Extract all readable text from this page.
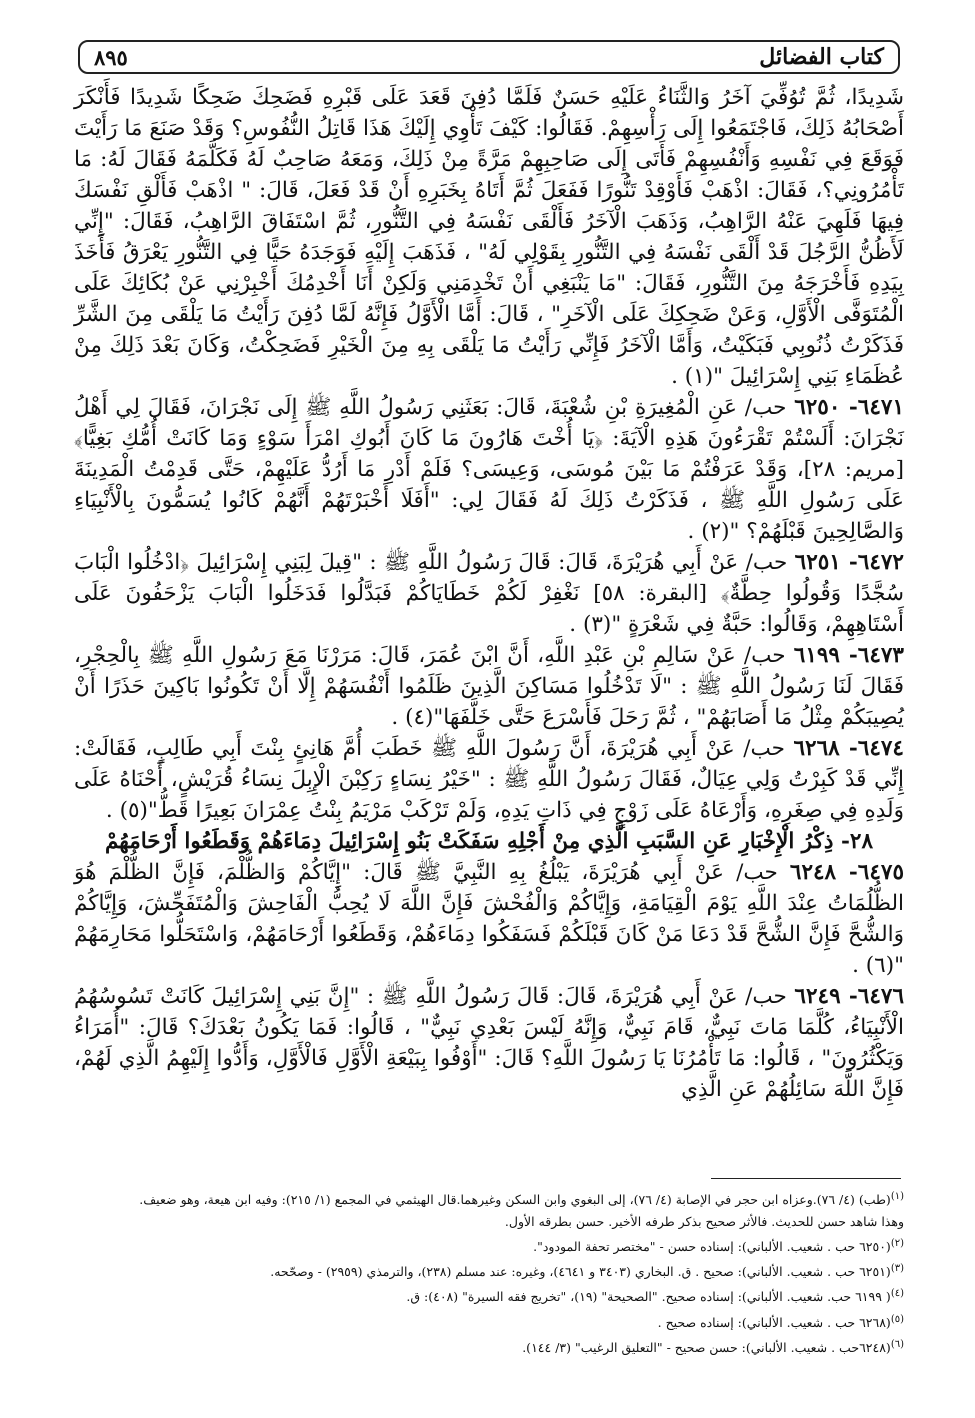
كتاب الفضائل
٨٩٥

شَدِيدًا، ثُمَّ تُوُفِّيَ آخَرُ وَالثَّنَاءُ عَلَيْهِ حَسَنٌ فَلَمَّا دُفِنَ قَعَدَ عَلَى قَبْرِهِ فَضَحِكَ ضَحِكًا شَدِيدًا فَأَنْكَرَ أَصْحَابُهُ ذَلِكَ، فَاجْتَمَعُوا إِلَى رَأْسِهِمْ. فَقَالُوا: كَيْفَ تَأْوِي إِلَيْكَ هَذَا قَاتِلُ النُّفُوسِ؟ وَقَدْ صَنَعَ مَا رَأَيْتَ فَوَقَعَ فِي نَفْسِهِ وَأَنْفُسِهِمْ فَأَتَى إِلَى صَاحِبِهِمْ مَرَّةً مِنْ ذَلِكَ، وَمَعَهُ صَاحِبٌ لَهُ فَكَلَّمَهُ فَقَالَ لَهُ: مَا تَأْمُرُونِي؟، فَقَالَ: اذْهَبْ فَأَوْقِدْ تَنُّورًا فَفَعَلَ ثُمَّ أَتَاهُ بِخَبَرِهِ أَنْ قَدْ فَعَلَ، قَالَ: " اذْهَبْ فَأَلْقِ نَفْسَكَ فِيهَا فَلَهِيَ عَنْهُ الرَّاهِبُ، وَذَهَبَ الْآخَرُ فَأَلْقَى نَفْسَهُ فِي التَّنُّورِ، ثُمَّ اسْتَفَاقَ الرَّاهِبُ، فَقَالَ: "إِنِّي لَأَظُنُّ الرَّجُلَ قَدْ أَلْقَى نَفْسَهُ فِي التَّنُّورِ بِقَوْلِي لَهُ" ، فَذَهَبَ إِلَيْهِ فَوَجَدَهُ حَيًّا فِي التَّنُّورِ يَعْرَقُ فَأَخَذَ بِيَدِهِ فَأَخْرَجَهُ مِنَ التَّنُّورِ، فَقَالَ: "مَا يَنْبَغِي أَنْ تَخْدِمَنِي وَلَكِنْ أَنَا أَخْدِمُكَ أَخْبِرْنِي عَنْ بُكَائِكَ عَلَى الْمُتَوَفَّى الْأَوَّلِ، وَعَنْ ضَحِكِكَ عَلَى الْآخَرِ" ، قَالَ: أَمَّا الْأَوَّلُ فَإِنَّهُ لَمَّا دُفِنَ رَأَيْتُ مَا يَلْقَى مِنَ الشَّرِّ فَذَكَرْتُ ذُنُوبِي فَبَكَيْتُ، وَأَمَّا الْآخَرُ فَإِنِّي رَأَيْتُ مَا يَلْقَى بِهِ مِنَ الْخَيْرِ فَضَحِكْتُ، وَكَانَ بَعْدَ ذَلِكَ مِنْ عُظَمَاءِ بَنِي إِسْرَائِيلَ "(١) .

٦٤٧١- ٦٢٥٠ حب/ عَنِ الْمُغِيرَةِ بْنِ شُعْبَةَ، قَالَ: بَعَثَنِي رَسُولُ اللَّهِ ﷺ إِلَى نَجْرَانَ، فَقَالَ لِي أَهْلُ نَجْرَانَ: أَلَسْتُمْ تَقْرَءُونَ هَذِهِ الْآيَةَ: ﴿يَا أُخْتَ هَارُونَ مَا كَانَ أَبُوكِ امْرَأَ سَوْءٍ وَمَا كَانَتْ أُمُّكِ بَغِيًّا﴾ [مريم: ٢٨]، وَقَدْ عَرَفْتُمْ مَا بَيْنَ مُوسَى، وَعِيسَى؟ فَلَمْ أَدْرِ مَا أَرُدُّ عَلَيْهِمْ، حَتَّى قَدِمْتُ الْمَدِينَةَ عَلَى رَسُولِ اللَّهِ ﷺ ، فَذَكَرْتُ ذَلِكَ لَهُ فَقَالَ لِي: "أَفَلَا أَخْبَرْتَهُمْ أَنَّهُمْ كَانُوا يُسَمُّونَ بِالْأَنْبِيَاءِ وَالصَّالِحِينَ قَبْلَهُمْ؟ "(٢) .

٦٤٧٢- ٦٢٥١ حب/ عَنْ أَبِي هُرَيْرَةَ، قَالَ: قَالَ رَسُولُ اللَّهِ ﷺ : "قِيلَ لِبَنِي إِسْرَائِيلَ ﴿ادْخُلُوا الْبَابَ سُجَّدًا وَقُولُوا حِطَّةٌ﴾ [البقرة: ٥٨] نَغْفِرْ لَكُمْ خَطَايَاكُمْ فَبَدَّلُوا فَدَخَلُوا الْبَابَ يَزْحَفُونَ عَلَى أَسْتَاهِهِمْ، وَقَالُوا: حَبَّةٌ فِي شَعْرَةٍ "(٣) .

٦٤٧٣- ٦١٩٩ حب/ عَنْ سَالِمِ بْنِ عَبْدِ اللَّهِ، أَنَّ ابْنَ عُمَرَ، قَالَ: مَرَرْنَا مَعَ رَسُولِ اللَّهِ ﷺ بِالْحِجْرِ، فَقَالَ لَنَا رَسُولُ اللَّهِ ﷺ : "لَا تَدْخُلُوا مَسَاكِنَ الَّذِينَ ظَلَمُوا أَنْفُسَهُمْ إِلَّا أَنْ تَكُونُوا بَاكِينَ حَذَرًا أَنْ يُصِيبَكُمْ مِثْلُ مَا أَصَابَهُمْ" ، ثُمَّ رَحَلَ فَأَسْرَعَ حَتَّى خَلَّفَهَا"(٤) .

٦٤٧٤- ٦٢٦٨ حب/ عَنْ أَبِي هُرَيْرَةَ، أَنَّ رَسُولَ اللَّهِ ﷺ خَطَبَ أُمَّ هَانِئٍ بِنْتَ أَبِي طَالِبٍ، فَقَالَتْ: إِنِّي قَدْ كَبِرْتُ وَلِي عِيَالٌ، فَقَالَ رَسُولُ اللَّهِ ﷺ : "خَيْرُ نِسَاءٍ رَكِبْنَ الْإِبِلَ نِسَاءُ قُرَيْشٍ، أَحْنَاهُ عَلَى وَلَدِهِ فِي صِغَرِهِ، وَأَرْعَاهُ عَلَى زَوْجٍ فِي ذَاتِ يَدِهِ، وَلَمْ تَرْكَبْ مَرْيَمُ بِنْتُ عِمْرَانَ بَعِيرًا قَطُّ"(٥) .

٢٨- ذِكْرُ الْإِخْبَارِ عَنِ السَّبَبِ الَّذِي مِنْ أَجْلِهِ سَفَكَتْ بَنُو إِسْرَائِيلَ دِمَاءَهُمْ وَقَطَعُوا أَرْحَامَهُمْ

٦٤٧٥- ٦٢٤٨ حب/ عَنْ أَبِي هُرَيْرَةَ، يَبْلُغُ بِهِ النَّبِيَّ ﷺ قَالَ: "إِيَّاكُمْ وَالظُّلْمَ، فَإِنَّ الظُّلْمَ هُوَ الظُّلُمَاتُ عِنْدَ اللَّهِ يَوْمَ الْقِيَامَةِ، وَإِيَّاكُمْ وَالْفُحْشَ فَإِنَّ اللَّهَ لَا يُحِبُّ الْفَاحِشَ وَالْمُتَفَحِّشَ، وَإِيَّاكُمْ وَالشُّحَّ فَإِنَّ الشُّحَّ قَدْ دَعَا مَنْ كَانَ قَبْلَكُمْ فَسَفَكُوا دِمَاءَهُمْ، وَقَطَعُوا أَرْحَامَهُمْ، وَاسْتَحَلُّوا مَحَارِمَهُمْ "(٦) .

٦٤٧٦- ٦٢٤٩ حب/ عَنْ أَبِي هُرَيْرَةَ، قَالَ: قَالَ رَسُولُ اللَّهِ ﷺ : "إِنَّ بَنِي إِسْرَائِيلَ كَانَتْ تَسُوسُهُمُ الْأَنْبِيَاءُ، كُلَّمَا مَاتَ نَبِيٌّ، قَامَ نَبِيٌّ، وَإِنَّهُ لَيْسَ بَعْدِي نَبِيٌّ" ، قَالُوا: فَمَا يَكُونُ بَعْدَكَ؟ قَالَ: "أُمَرَاءُ وَيَكْثُرُونَ" ، قَالُوا: مَا تَأْمُرُنَا يَا رَسُولَ اللَّهِ؟ قَالَ: "أَوْفُوا بِبَيْعَةِ الْأَوَّلِ فَالْأَوَّلِ، وَأَدُّوا إِلَيْهِمُ الَّذِي لَهُمْ، فَإِنَّ اللَّهَ سَائِلُهُمْ عَنِ الَّذِي

$^{(١)}$(طب) (٤/ ٧٦).وعزاه ابن حجر في الإصابة (٤/ ٧٦)، إلى البغوي وابن السكن وغيرهما.قال الهيثمي في المجمع (١/ ٢١٥): وفيه ابن هيعة، وهو ضعيف.

وهذا شاهد حسن للحديث. فالأثر صحيح بذكر طرفه الأخير. حسن بطرقه الأول.

$^{(٢)}$(٦٢٥٠ حب . شعيب. الألباني): إسناده حسن - "مختصر تحفة المودود".

$^{(٣)}$(٦٢٥١ حب . شعيب. الألباني): صحيح . ق. البخاري (٣٤٠٣ و ٤٦٤١)، وغيره: عند مسلم (٢٣٨)، والترمذي (٢٩٥٩) - وصحّحه.

$^{(٤)}$( ٦١٩٩ حب. شعيب. الألباني): إسناده صحيح. "الصحيحة" (١٩)، "تخريج فقه السيرة" (٤٠٨): ق.

$^{(٥)}$(٦٢٦٨ حب . شعيب. الألباني): إسناده صحيح .

$^{(٦)}$(٦٢٤٨حب . شعيب. الألباني): حسن صحيح - "التعليق الرغيب" (٣/ ١٤٤).
